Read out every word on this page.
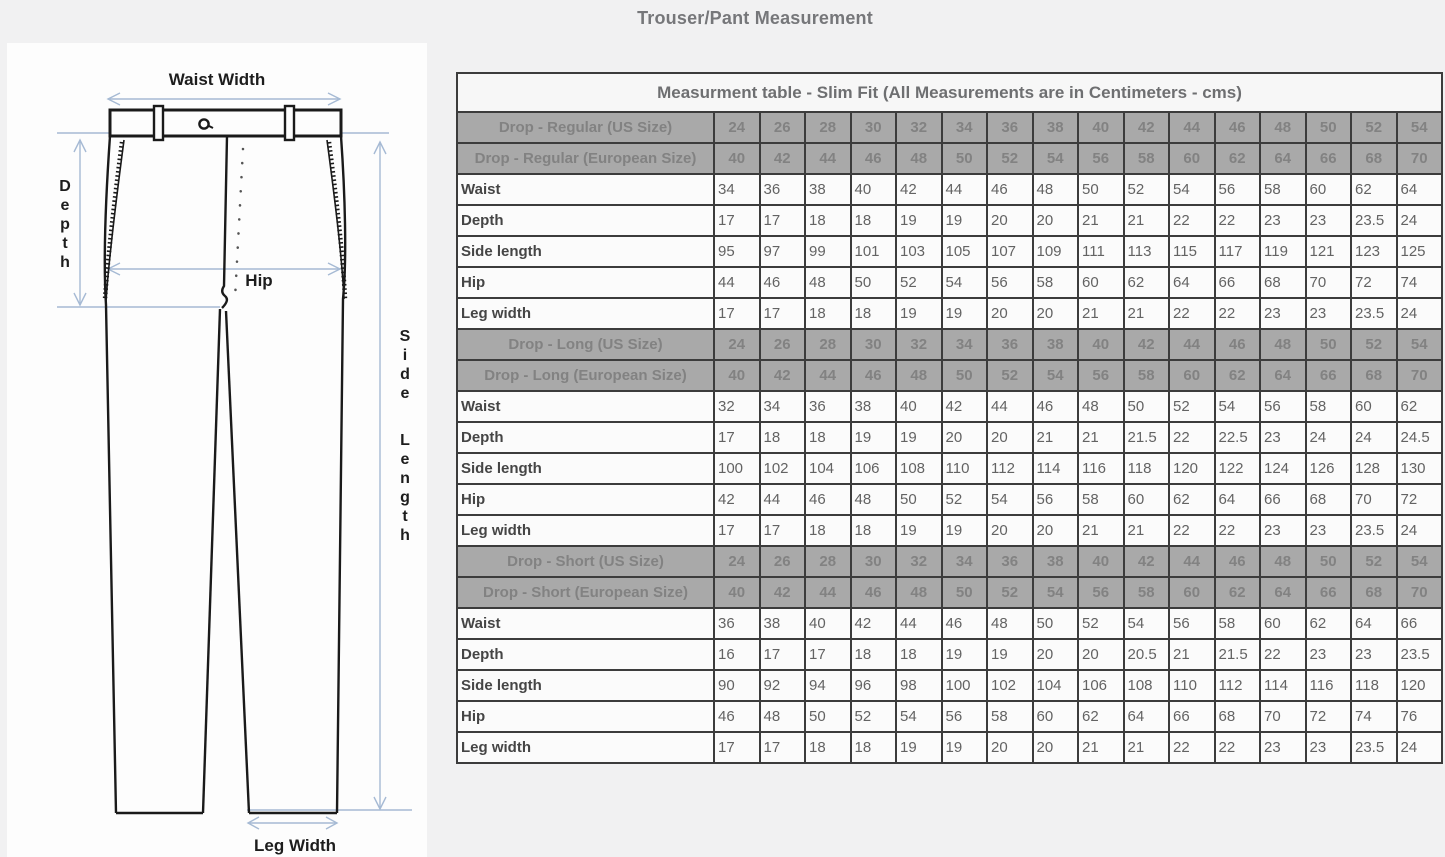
Trouser/Pant Measurement
Waist Width
D
e
p
t
h
Hip
S
i
d
e
L
e
n
g
t
h
Leg Width
Measurment table - Slim Fit (All Measurements are in Centimeters - cms)																
Drop - Regular (US Size)	24	26	28	30	32	34	36	38	40	42	44	46	48	50	52	54
Drop - Regular (European Size)	40	42	44	46	48	50	52	54	56	58	60	62	64	66	68	70
Waist	34	36	38	40	42	44	46	48	50	52	54	56	58	60	62	64
Depth	17	17	18	18	19	19	20	20	21	21	22	22	23	23	23.5	24
Side length	95	97	99	101	103	105	107	109	111	113	115	117	119	121	123	125
Hip	44	46	48	50	52	54	56	58	60	62	64	66	68	70	72	74
Leg width	17	17	18	18	19	19	20	20	21	21	22	22	23	23	23.5	24
Drop - Long (US Size)	24	26	28	30	32	34	36	38	40	42	44	46	48	50	52	54
Drop - Long (European Size)	40	42	44	46	48	50	52	54	56	58	60	62	64	66	68	70
Waist	32	34	36	38	40	42	44	46	48	50	52	54	56	58	60	62
Depth	17	18	18	19	19	20	20	21	21	21.5	22	22.5	23	24	24	24.5
Side length	100	102	104	106	108	110	112	114	116	118	120	122	124	126	128	130
Hip	42	44	46	48	50	52	54	56	58	60	62	64	66	68	70	72
Leg width	17	17	18	18	19	19	20	20	21	21	22	22	23	23	23.5	24
Drop - Short (US Size)	24	26	28	30	32	34	36	38	40	42	44	46	48	50	52	54
Drop - Short (European Size)	40	42	44	46	48	50	52	54	56	58	60	62	64	66	68	70
Waist	36	38	40	42	44	46	48	50	52	54	56	58	60	62	64	66
Depth	16	17	17	18	18	19	19	20	20	20.5	21	21.5	22	23	23	23.5
Side length	90	92	94	96	98	100	102	104	106	108	110	112	114	116	118	120
Hip	46	48	50	52	54	56	58	60	62	64	66	68	70	72	74	76
Leg width	17	17	18	18	19	19	20	20	21	21	22	22	23	23	23.5	24
